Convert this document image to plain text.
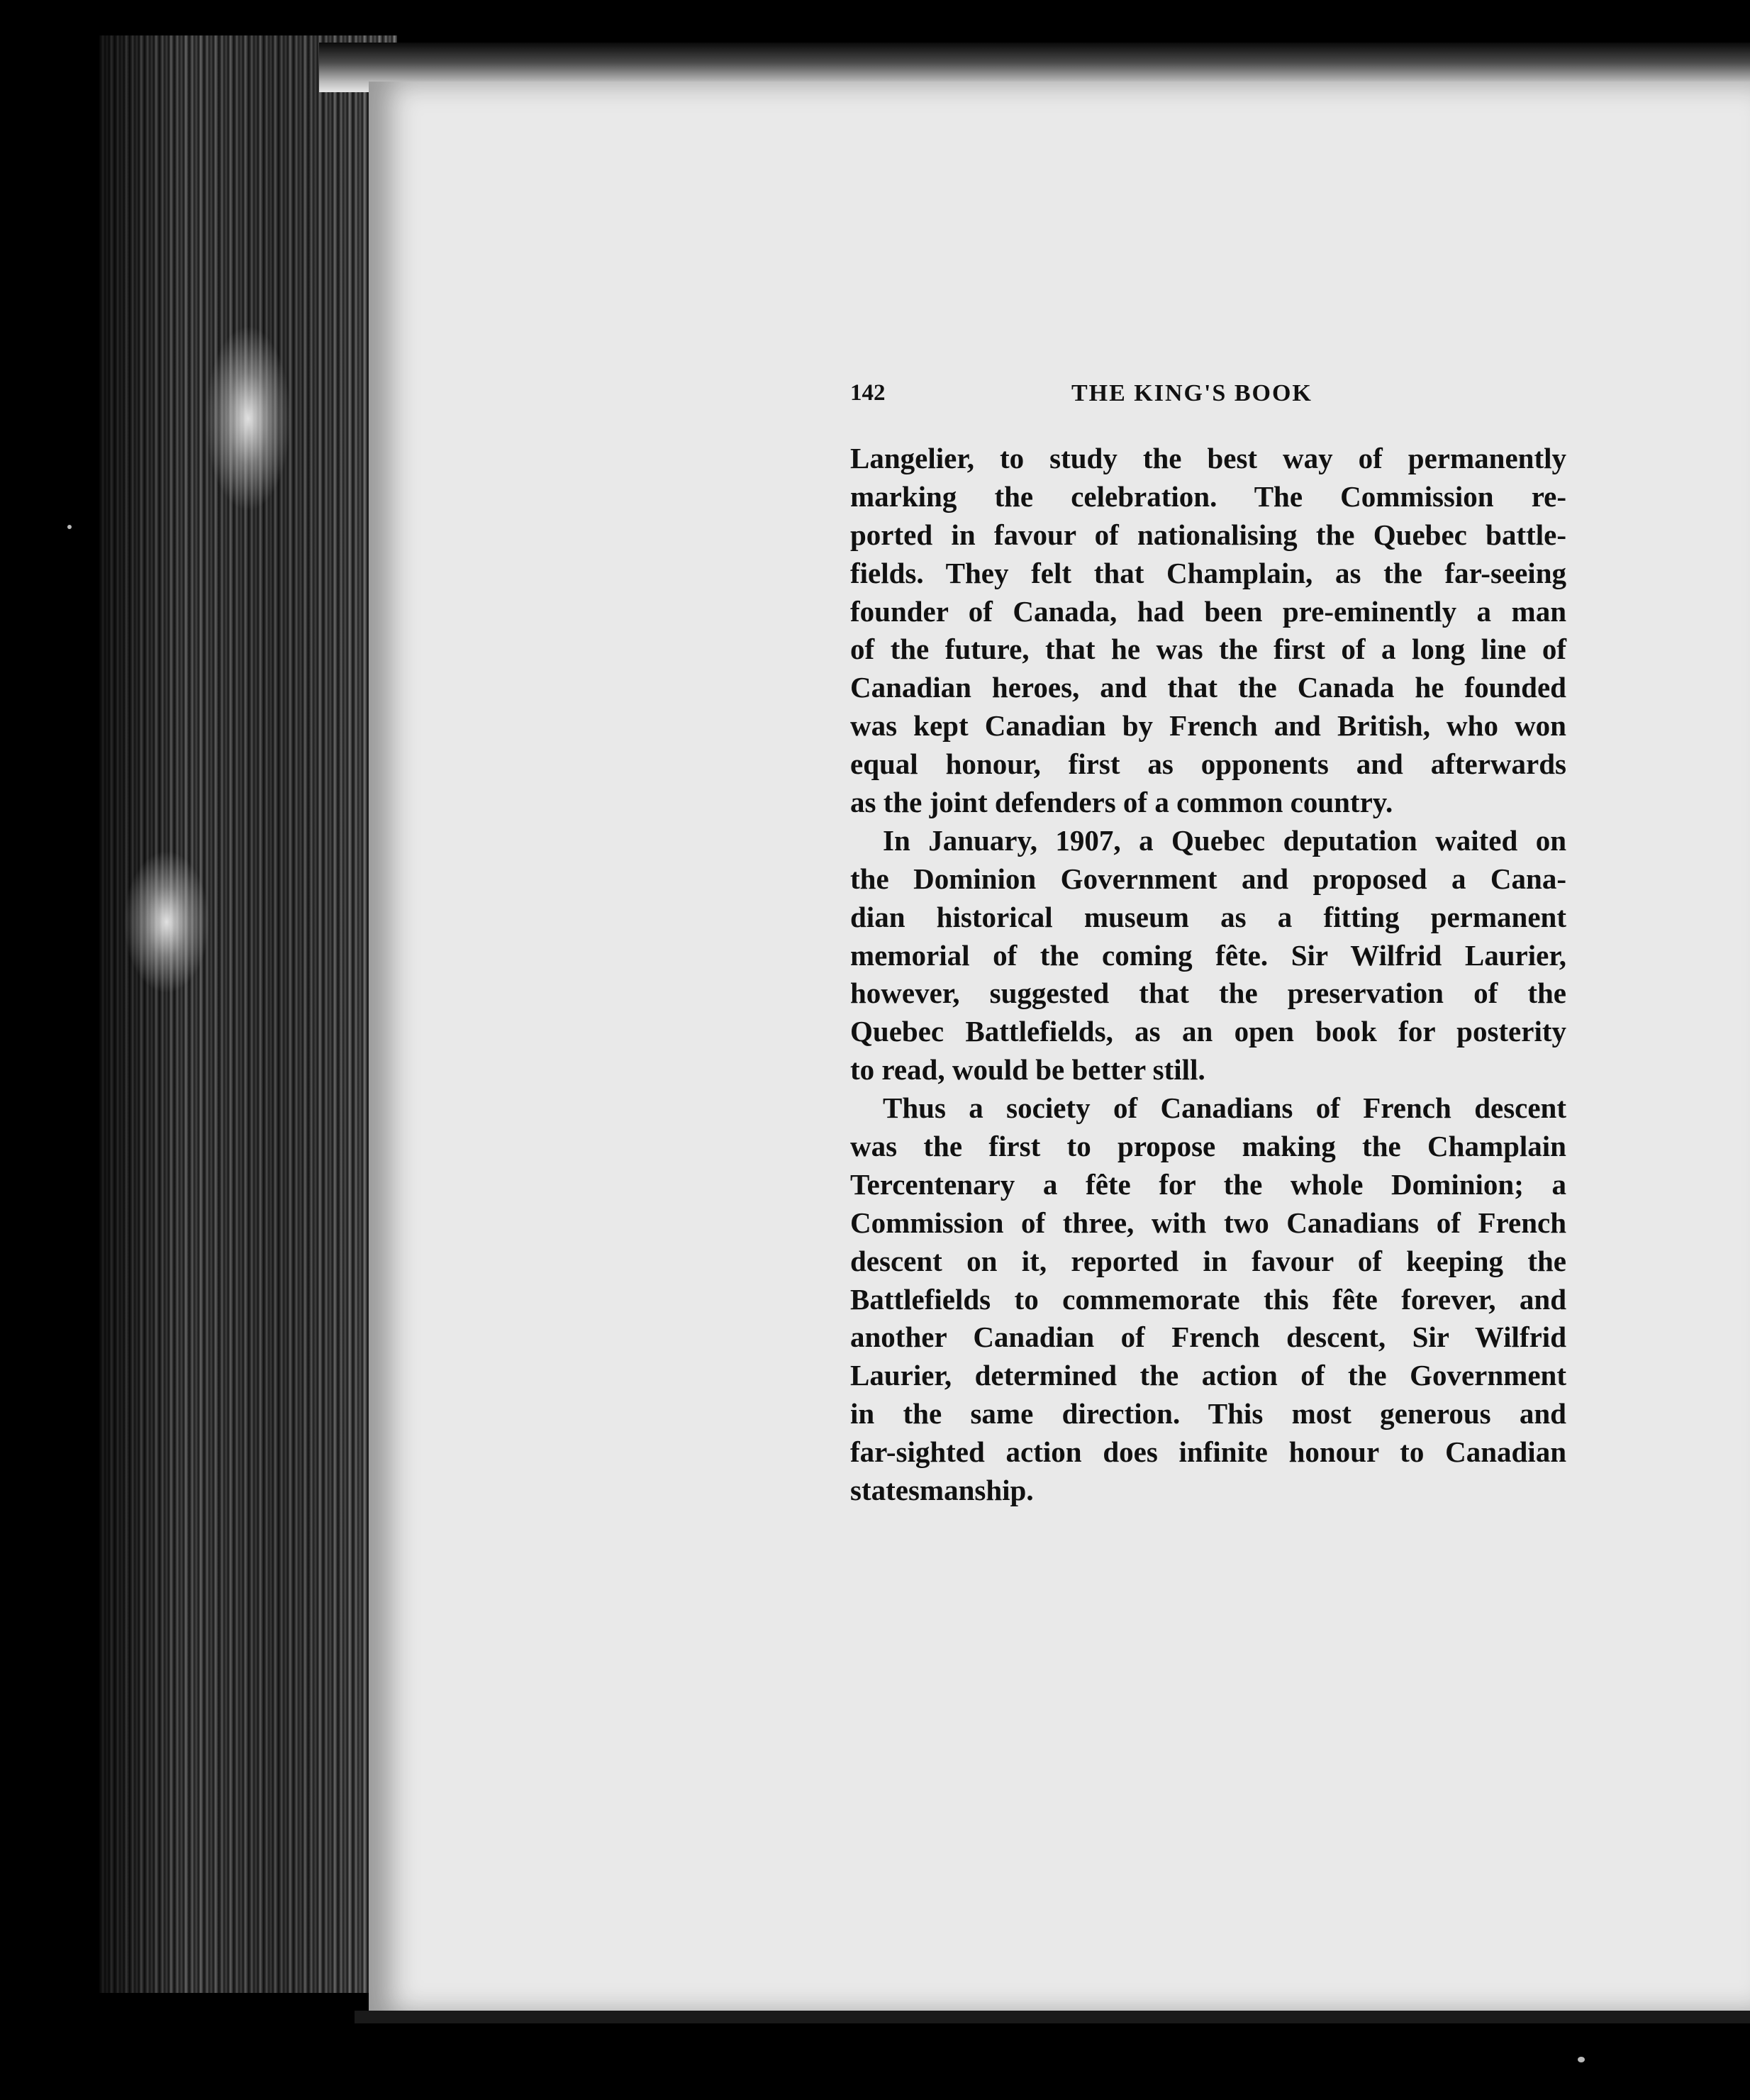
142	THE KING'S BOOK
Langelier, to study the best way of permanently
marking the celebration. The Commission re-
ported in favour of nationalising the Quebec battle-
fields. They felt that Champlain, as the far-seeing
founder of Canada, had been pre-eminently a man
of the future, that he was the first of a long line of
Canadian heroes, and that the Canada he founded
was kept Canadian by French and British, who won
equal honour, first as opponents and afterwards
as the joint defenders of a common country.
In January, 1907, a Quebec deputation waited on
the Dominion Government and proposed a Cana-
dian historical museum as a fitting permanent
memorial of the coming fête. Sir Wilfrid Laurier,
however, suggested that the preservation of the
Quebec Battlefields, as an open book for posterity
to read, would be better still.
Thus a society of Canadians of French descent
was the first to propose making the Champlain
Tercentenary a fête for the whole Dominion; a
Commission of three, with two Canadians of French
descent on it, reported in favour of keeping the
Battlefields to commemorate this fête forever, and
another Canadian of French descent, Sir Wilfrid
Laurier, determined the action of the Government
in the same direction. This most generous and
far-sighted action does infinite honour to Canadian
statesmanship.
